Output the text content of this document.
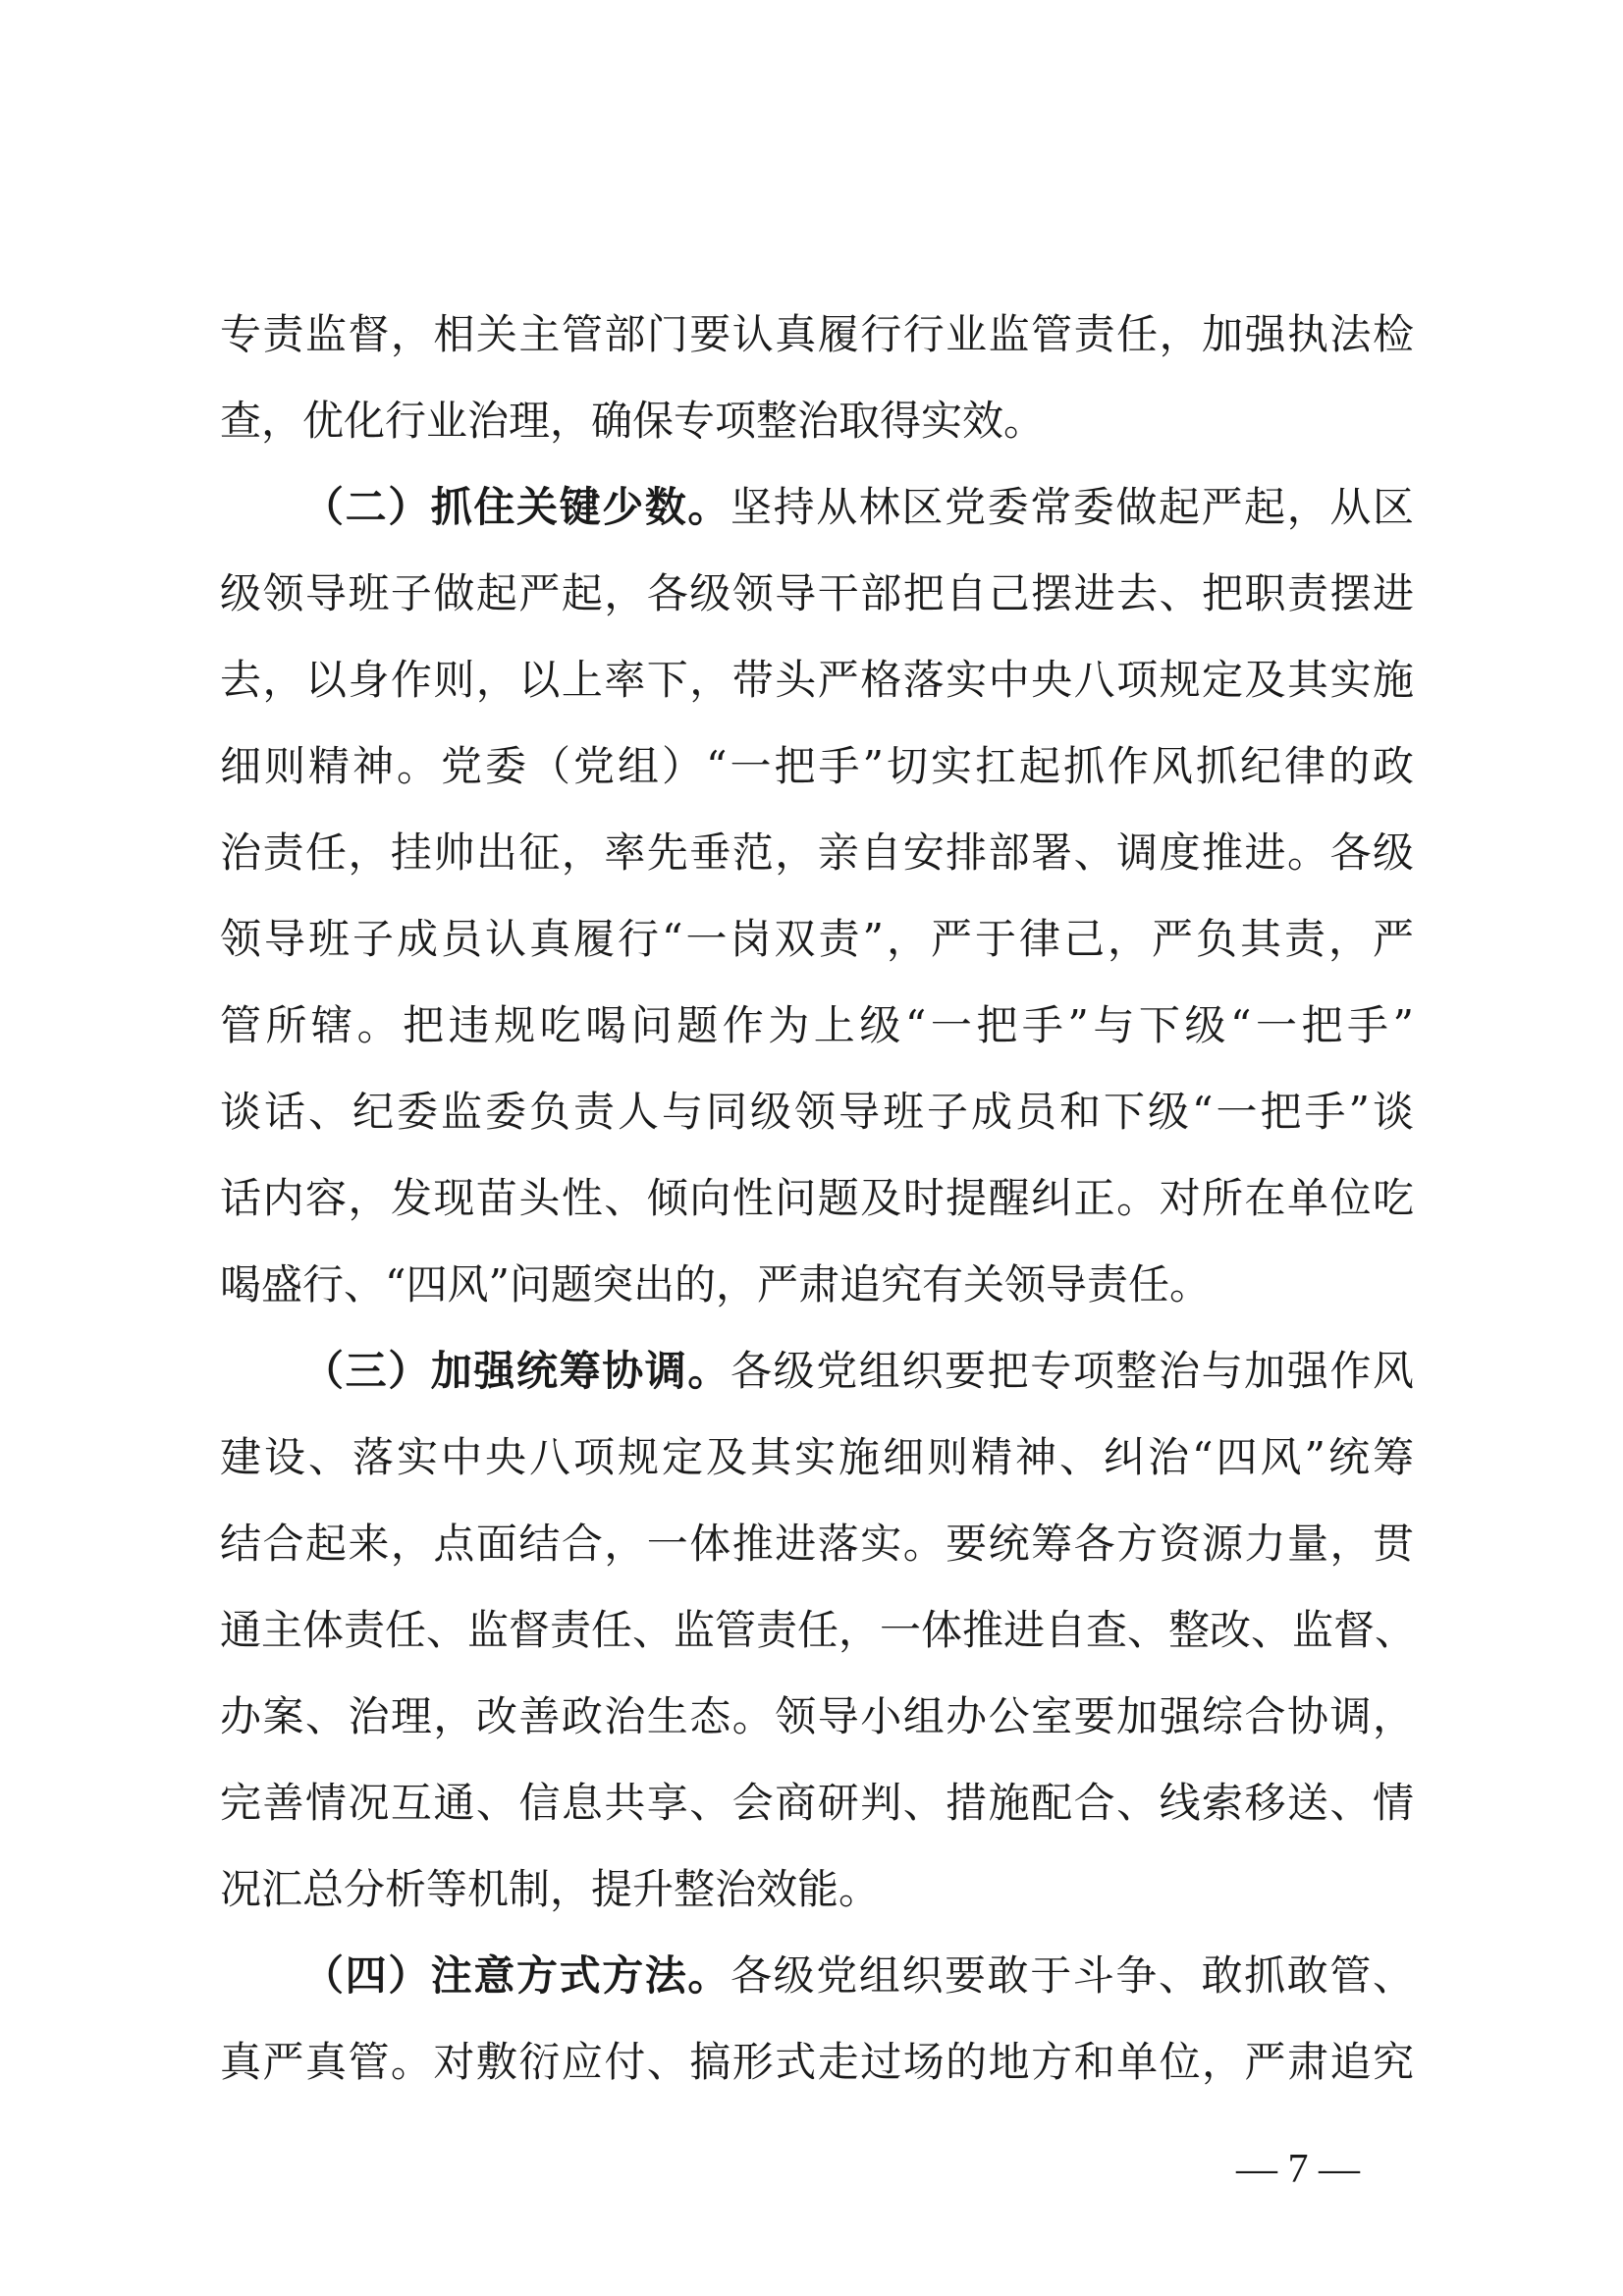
专责监督，相关主管部门要认真履行行业监管责任，加强执法检
查，优化行业治理，确保专项整治取得实效。
（二）抓住关键少数。坚持从林区党委常委做起严起，从区
级领导班子做起严起，各级领导干部把自己摆进去、把职责摆进
去，以身作则，以上率下，带头严格落实中央八项规定及其实施
细则精神。党委（党组）“一把手”切实扛起抓作风抓纪律的政
治责任，挂帅出征，率先垂范，亲自安排部署、调度推进。各级
领导班子成员认真履行“一岗双责”，严于律己，严负其责，严
管所辖。把违规吃喝问题作为上级“一把手”与下级“一把手”
谈话、纪委监委负责人与同级领导班子成员和下级“一把手”谈
话内容，发现苗头性、倾向性问题及时提醒纠正。对所在单位吃
喝盛行、“四风”问题突出的，严肃追究有关领导责任。
（三）加强统筹协调。各级党组织要把专项整治与加强作风
建设、落实中央八项规定及其实施细则精神、纠治“四风”统筹
结合起来，点面结合，一体推进落实。要统筹各方资源力量，贯
通主体责任、监督责任、监管责任，一体推进自查、整改、监督、
办案、治理，改善政治生态。领导小组办公室要加强综合协调，
完善情况互通、信息共享、会商研判、措施配合、线索移送、情
况汇总分析等机制，提升整治效能。
（四）注意方式方法。各级党组织要敢于斗争、敢抓敢管、
真严真管。对敷衍应付、搞形式走过场的地方和单位，严肃追究
— 7 —
